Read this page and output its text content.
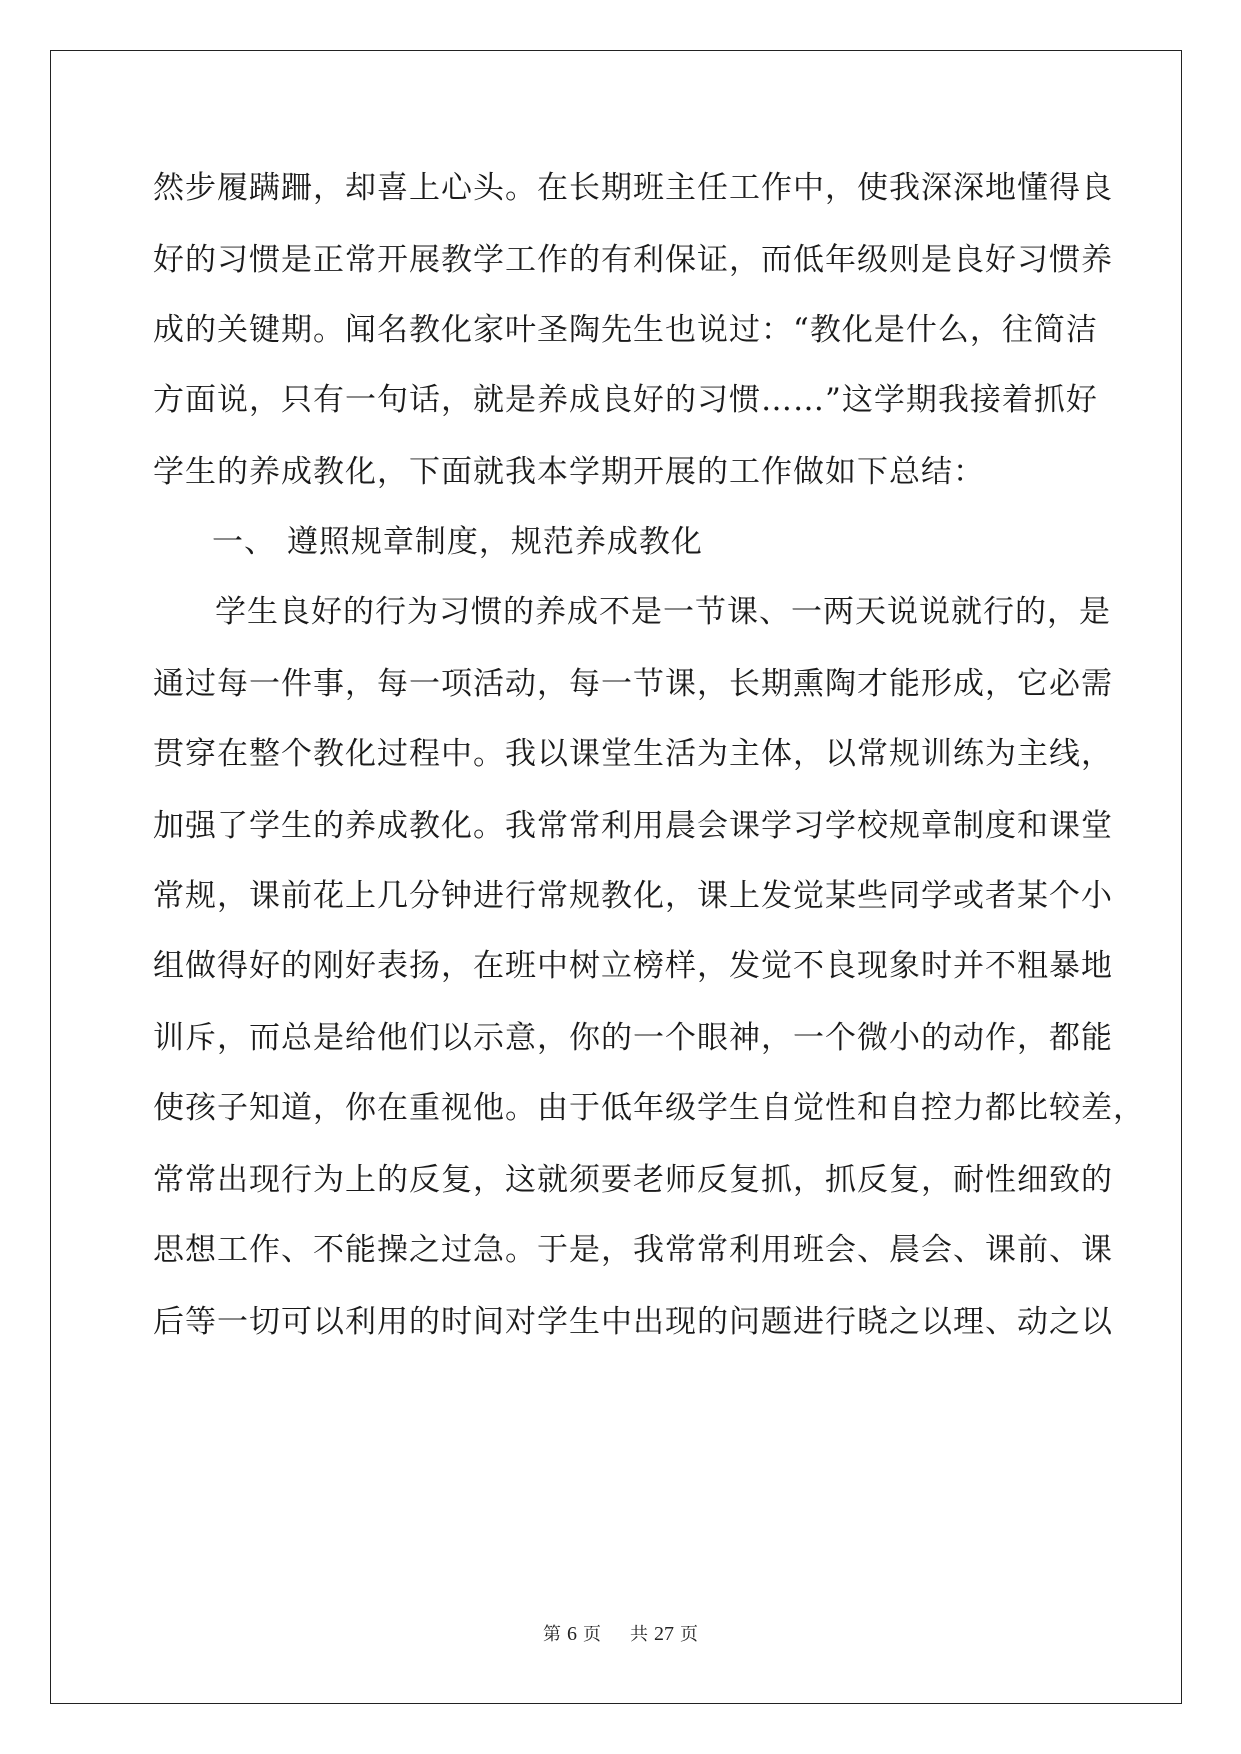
然步履蹒跚，却喜上心头。在长期班主任工作中，使我深深地懂得良
好的习惯是正常开展教学工作的有利保证，而低年级则是良好习惯养
成的关键期。闻名教化家叶圣陶先生也说过：“教化是什么，往简洁
方面说，只有一句话，就是养成良好的习惯……”这学期我接着抓好
学生的养成教化，下面就我本学期开展的工作做如下总结：
一、 遵照规章制度，规范养成教化
学生良好的行为习惯的养成不是一节课、一两天说说就行的，是
通过每一件事，每一项活动，每一节课，长期熏陶才能形成，它必需
贯穿在整个教化过程中。我以课堂生活为主体，以常规训练为主线，
加强了学生的养成教化。我常常利用晨会课学习学校规章制度和课堂
常规，课前花上几分钟进行常规教化，课上发觉某些同学或者某个小
组做得好的刚好表扬，在班中树立榜样，发觉不良现象时并不粗暴地
训斥，而总是给他们以示意，你的一个眼神，一个微小的动作，都能
使孩子知道，你在重视他。由于低年级学生自觉性和自控力都比较差，
常常出现行为上的反复，这就须要老师反复抓，抓反复，耐性细致的
思想工作、不能操之过急。于是，我常常利用班会、晨会、课前、课
后等一切可以利用的时间对学生中出现的问题进行晓之以理、动之以
第 6 页 共 27 页
